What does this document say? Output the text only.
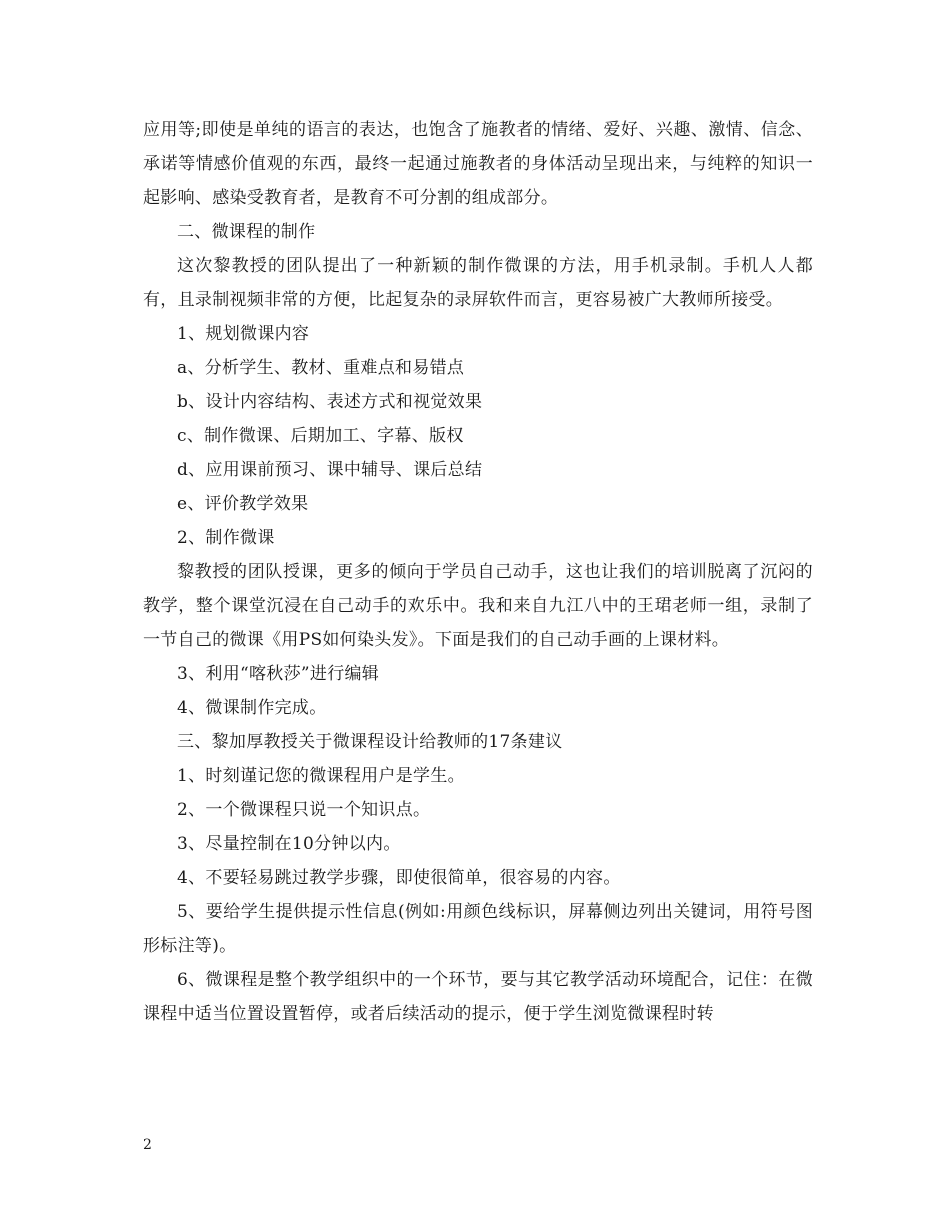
应用等;即使是单纯的语言的表达，也饱含了施教者的情绪、爱好、兴趣、激情、信念、承诺等情感价值观的东西，最终一起通过施教者的身体活动呈现出来，与纯粹的知识一起影响、感染受教育者，是教育不可分割的组成部分。

二、微课程的制作

这次黎教授的团队提出了一种新颖的制作微课的方法，用手机录制。手机人人都有，且录制视频非常的方便，比起复杂的录屏软件而言，更容易被广大教师所接受。

1、规划微课内容

a、分析学生、教材、重难点和易错点

b、设计内容结构、表述方式和视觉效果

c、制作微课、后期加工、字幕、版权

d、应用课前预习、课中辅导、课后总结

e、评价教学效果

2、制作微课

黎教授的团队授课，更多的倾向于学员自己动手，这也让我们的培训脱离了沉闷的教学，整个课堂沉浸在自己动手的欢乐中。我和来自九江八中的王珺老师一组，录制了一节自己的微课《用PS如何染头发》。下面是我们的自己动手画的上课材料。

3、利用“喀秋莎”进行编辑

4、微课制作完成。

三、黎加厚教授关于微课程设计给教师的17条建议

1、时刻谨记您的微课程用户是学生。

2、一个微课程只说一个知识点。

3、尽量控制在10分钟以内。

4、不要轻易跳过教学步骤，即使很简单，很容易的内容。

5、要给学生提供提示性信息(例如:用颜色线标识，屏幕侧边列出关键词，用符号图形标注等)。

6、微课程是整个教学组织中的一个环节，要与其它教学活动环境配合，记住：在微课程中适当位置设置暂停，或者后续活动的提示，便于学生浏览微课程时转

2
